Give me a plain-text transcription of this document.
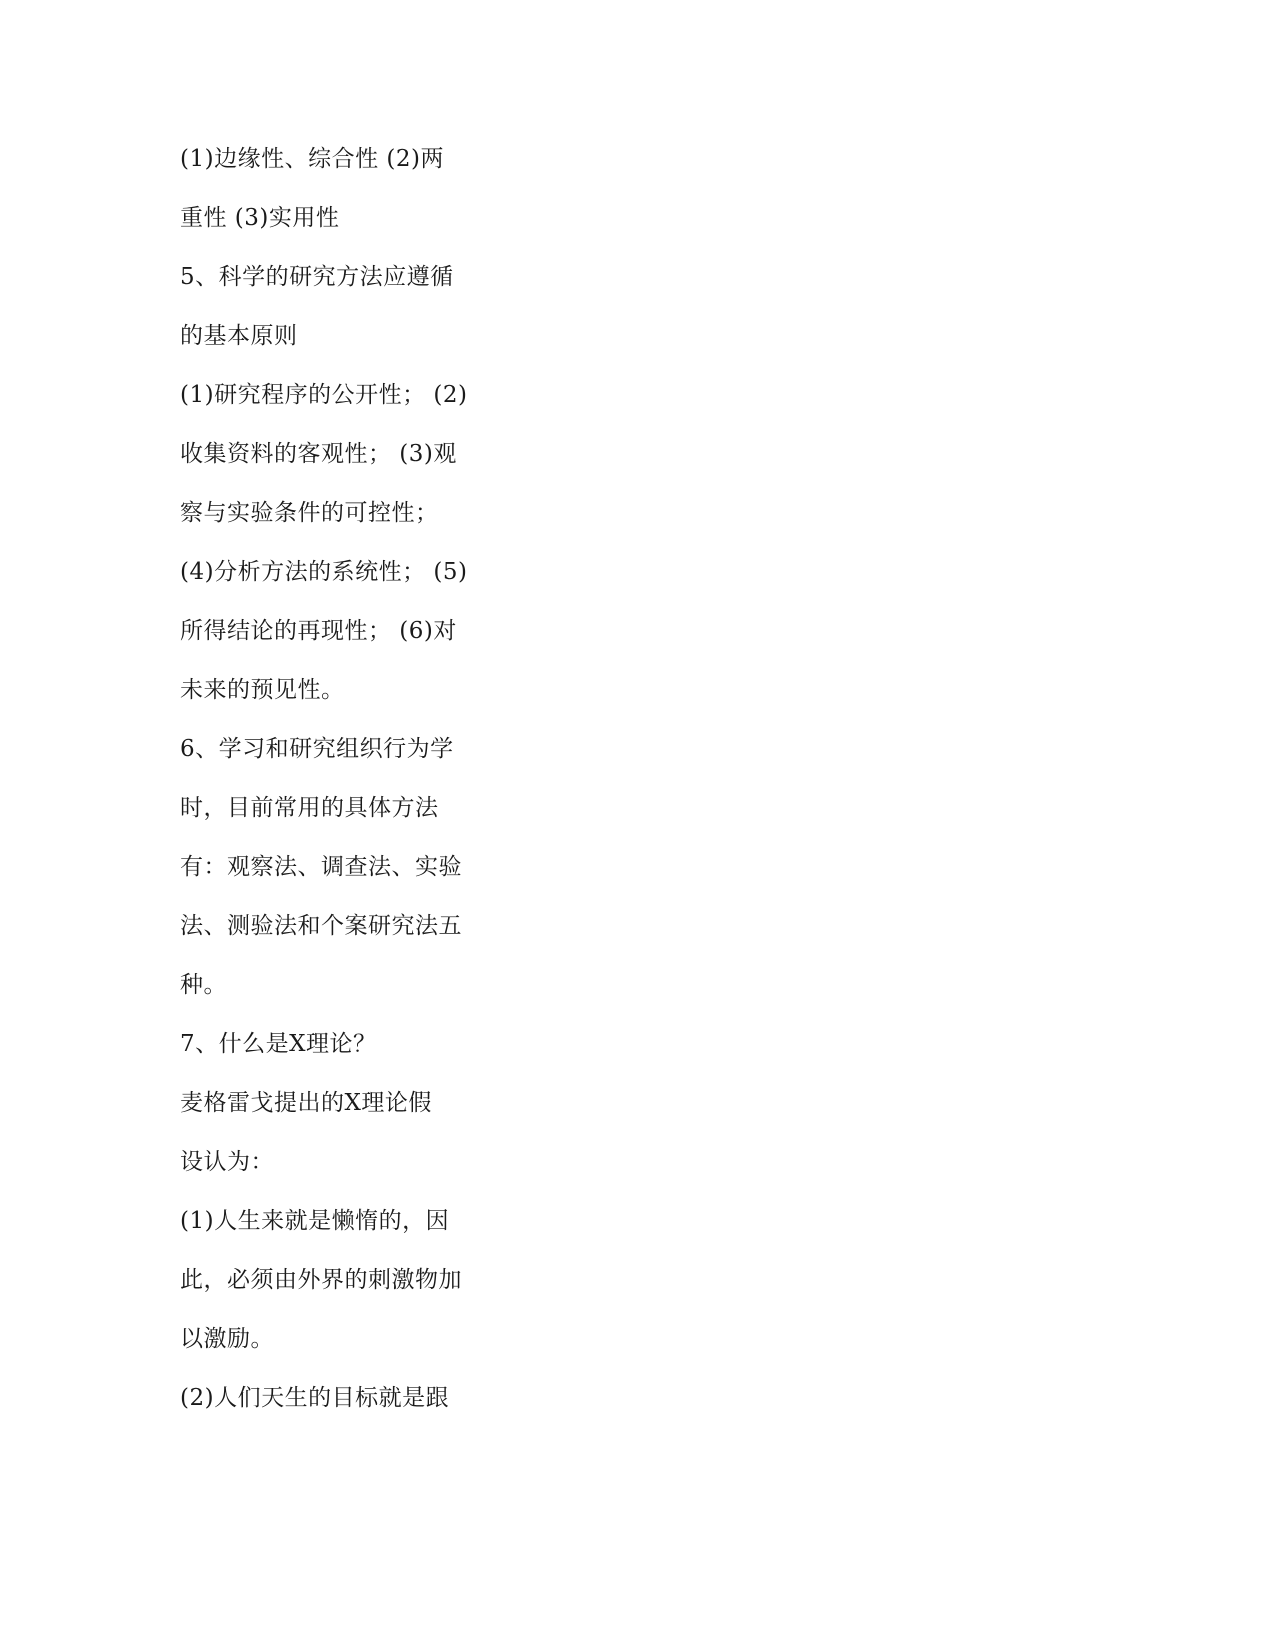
(1)边缘性、综合性 (2)两
重性 (3)实用性
5、科学的研究方法应遵循
的基本原则
(1)研究程序的公开性； (2)
收集资料的客观性； (3)观
察与实验条件的可控性；
(4)分析方法的系统性； (5)
所得结论的再现性； (6)对
未来的预见性。
6、学习和研究组织行为学
时，目前常用的具体方法
有：观察法、调查法、实验
法、测验法和个案研究法五
种。
7、什么是X理论？
麦格雷戈提出的X理论假
设认为：
(1)人生来就是懒惰的，因
此，必须由外界的刺激物加
以激励。
(2)人们天生的目标就是跟
